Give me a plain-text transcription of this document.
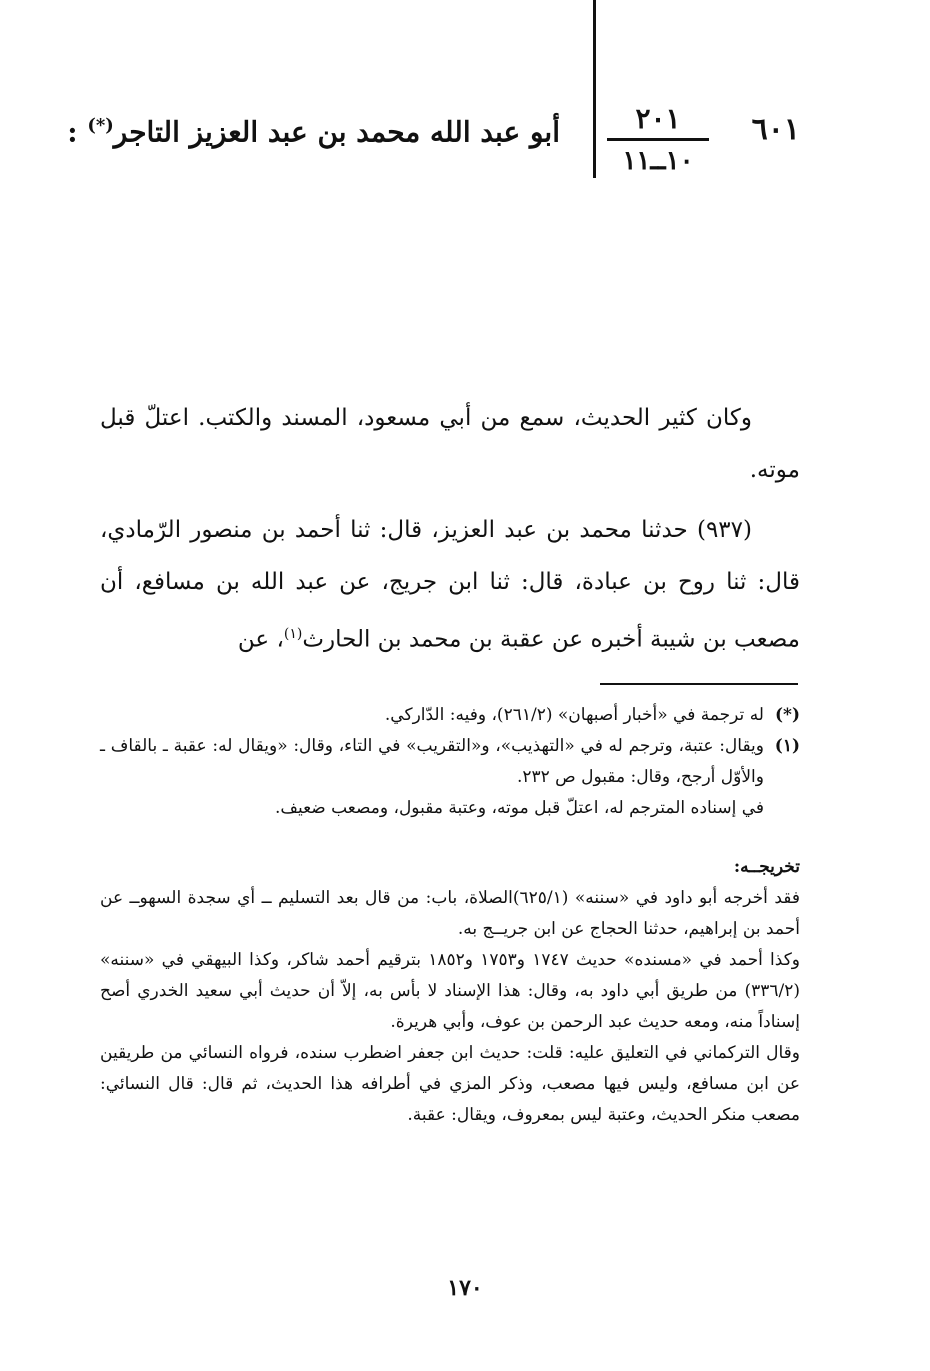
٦٠١
٢٠١
١٠ــ١١
أبو عبد الله محمد بن عبد العزيز التاجر(*) :

وكان كثير الحديث، سمع من أبي مسعود، المسند والكتب. اعتلّ قبل موته.

(٩٣٧) حدثنا محمد بن عبد العزيز، قال: ثنا أحمد بن منصور الرّمادي، قال: ثنا روح بن عبادة، قال: ثنا ابن جريج، عن عبد الله بن مسافع، أن مصعب بن شيبة أخبره عن عقبة بن محمد بن الحارث$^{(١)}$، عن

(*)

له ترجمة في «أخبار أصبهان» (٢٦١/٢)، وفيه: الدّاركي.

(١)

ويقال: عتبة، وترجم له في «التهذيب»، و«التقريب» في التاء، وقال: «ويقال له: عقبة ـ بالقاف ـ والأوّل أرجح، وقال: مقبول ص ٢٣٢.

في إسناده المترجم له، اعتلّ قبل موته، وعتبة مقبول، ومصعب ضعيف.

تخريجــه:

فقد أخرجه أبو داود في «سننه» (٦٢٥/١)الصلاة، باب: من قال بعد التسليم ــ أي سجدة السهوــ عن أحمد بن إبراهيم، حدثنا الحجاج عن ابن جريــج به.

وكذا أحمد في «مسنده» حديث ١٧٤٧ و١٧٥٣ و١٨٥٢ بترقيم أحمد شاكر، وكذا البيهقي في «سننه» (٣٣٦/٢) من طريق أبي داود به، وقال: هذا الإسناد لا بأس به، إلاّ أن حديث أبي سعيد الخدري أصح إسناداً منه، ومعه حديث عبد الرحمن بن عوف، وأبي هريرة.

وقال التركماني في التعليق عليه: قلت: حديث ابن جعفر اضطرب سنده، فرواه النسائي من طريقين عن ابن مسافع، وليس فيها مصعب، وذكر المزي في أطرافه هذا الحديث، ثم قال: قال النسائي: مصعب منكر الحديث، وعتبة ليس بمعروف، ويقال: عقبة.

١٧٠
